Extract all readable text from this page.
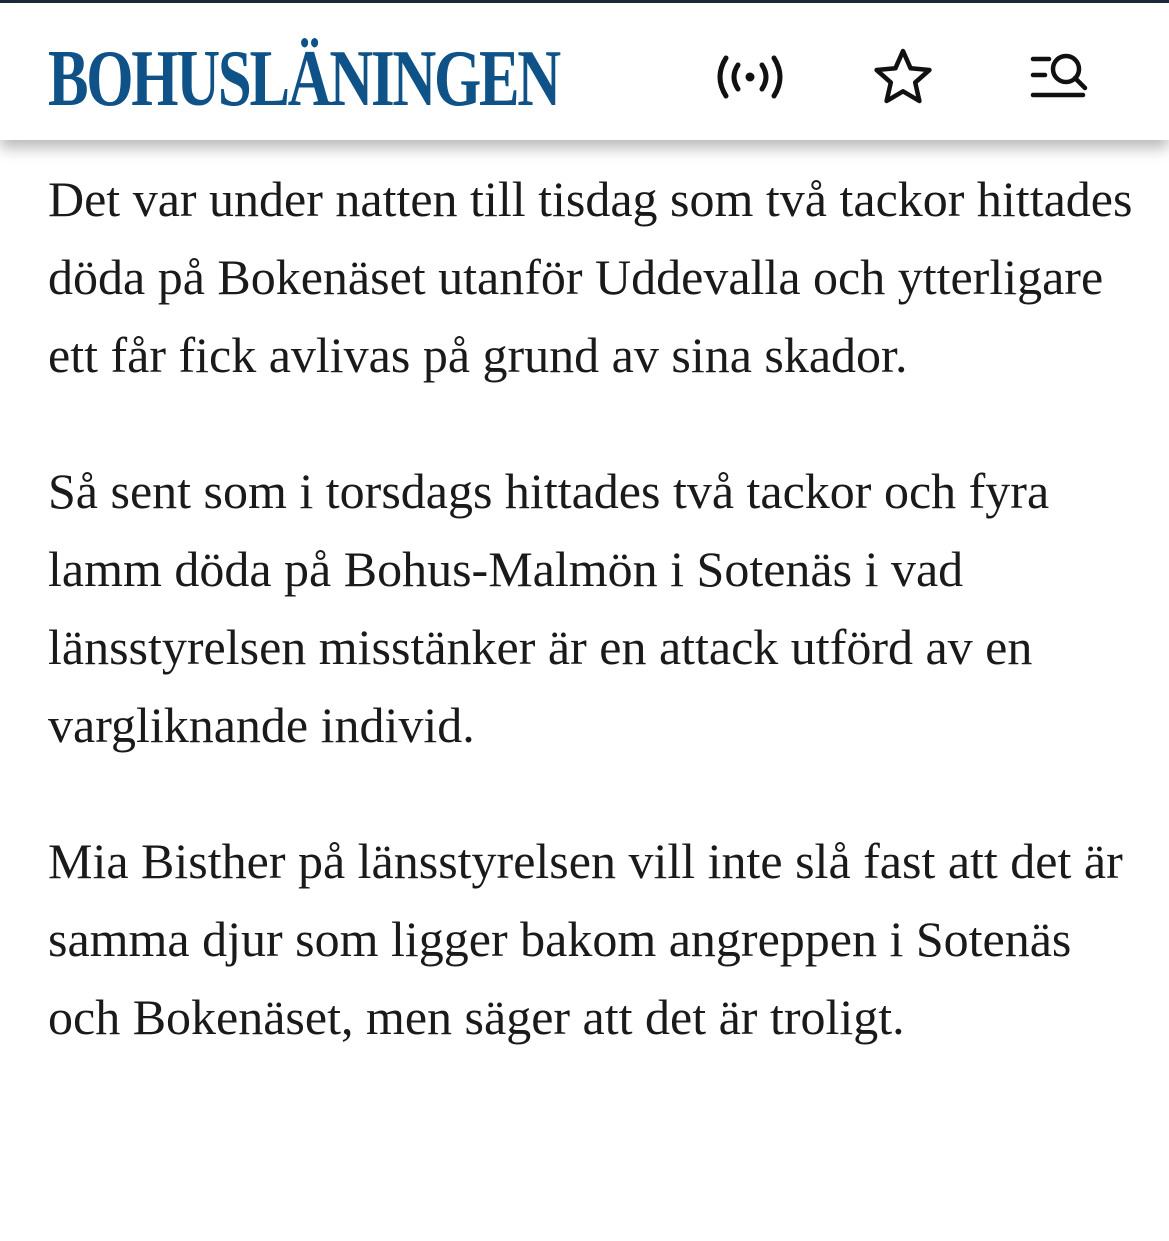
BOHUSLÄNINGEN

Det var under natten till tisdag som två tackor hittades döda på Bokenäset utanför Uddevalla och ytterligare ett får fick avlivas på grund av sina skador.

Så sent som i torsdags hittades två tackor och fyra lamm döda på Bohus-Malmön i Sotenäs i vad länsstyrelsen misstänker är en attack utförd av en vargliknande individ.

Mia Bisther på länsstyrelsen vill inte slå fast att det är samma djur som ligger bakom angreppen i Sotenäs och Bokenäset, men säger att det är troligt.
